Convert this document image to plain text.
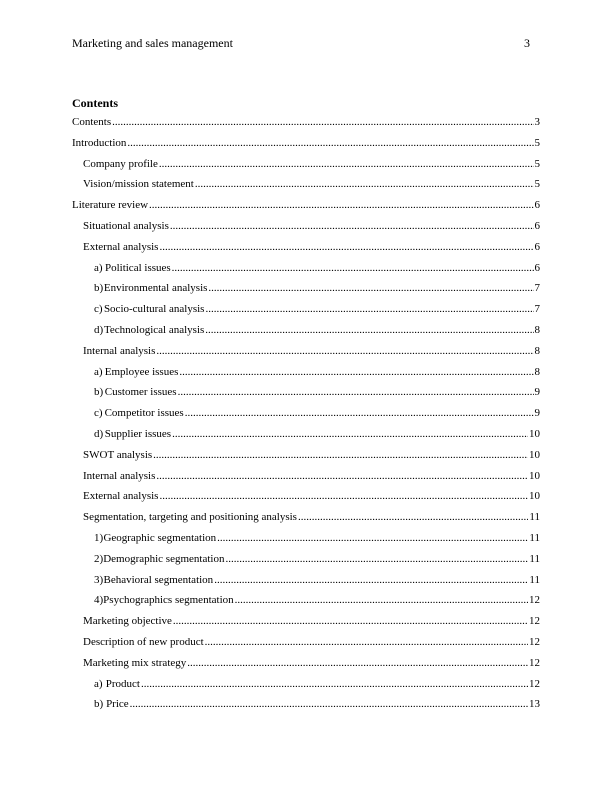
Marketing and sales management	3
Contents
Contents .....	3
Introduction .....	5
Company profile .....	5
Vision/mission statement .....	5
Literature review .....	6
Situational analysis .....	6
External analysis .....	6
a) Political issues .....	6
b) Environmental analysis .....	7
c) Socio-cultural analysis .....	7
d) Technological analysis .....	8
Internal analysis .....	8
a) Employee issues .....	8
b) Customer issues .....	9
c) Competitor issues .....	9
d) Supplier issues .....	10
SWOT analysis .....	10
Internal analysis .....	10
External analysis .....	10
Segmentation, targeting and positioning analysis .....	11
1) Geographic segmentation .....	11
2) Demographic segmentation .....	11
3) Behavioral segmentation .....	11
4) Psychographics segmentation .....	12
Marketing objective .....	12
Description of new product .....	12
Marketing mix strategy .....	12
a) Product .....	12
b) Price .....	13
